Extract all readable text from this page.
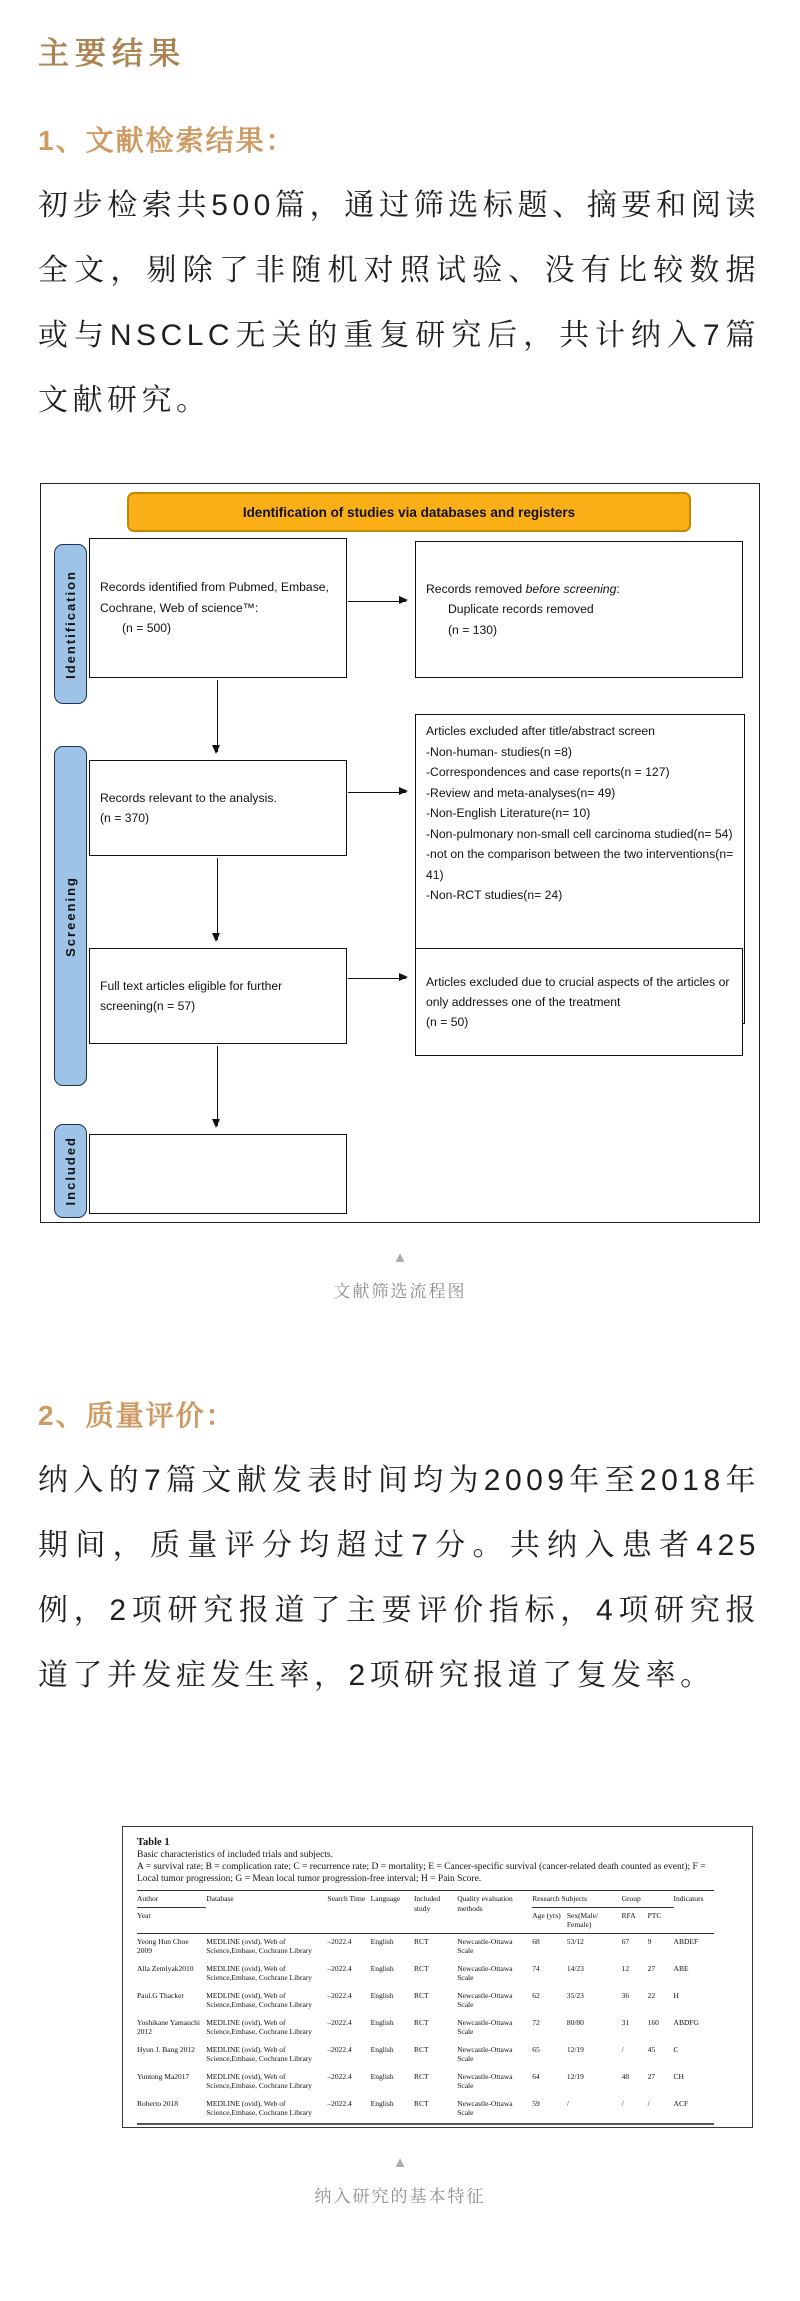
主要结果
1、文献检索结果：

初步检索共500篇，通过筛选标题、摘要和阅读全文，剔除了非随机对照试验、没有比较数据或与NSCLC无关的重复研究后，共计纳入7篇文献研究。

Identification of studies via databases and registers
Identification
Screening
Included
Records identified from Pubmed, Embase, Cochrane, Web of science™:
(n = 500)
Records removed before screening:
Duplicate records removed
(n = 130)
Records relevant to the analysis.
(n = 370)
Articles excluded after title/abstract screen
-Non-human- studies(n =8)
-Correspondences and case reports(n = 127)
-Review and meta-analyses(n= 49)
-Non-English Literature(n= 10)
-Non-pulmonary non-small cell carcinoma studied(n= 54)
-not on the comparison between the two interventions(n= 41)
-Non-RCT studies(n= 24)
Full text articles eligible for further screening(n = 57)
Articles excluded due to crucial aspects of the articles or only addresses one of the treatment
(n = 50)
▲
文献筛选流程图
2、质量评价：

纳入的7篇文献发表时间均为2009年至2018年期间，质量评分均超过7分。共纳入患者425例，2项研究报道了主要评价指标，4项研究报道了并发症发生率，2项研究报道了复发率。

Table 1
Basic characteristics of included trials and subjects.
A = survival rate; B = complication rate; C = recurrence rate; D = mortality; E = Cancer-specific survival (cancer-related death counted as event); F = Local tumor progression; G = Mean local tumor progression-free interval; H = Pain Score.
Author	Database	Search Time	Language	Included study	Quality evaluation methods	Research Subjects		Group		Indicators
Year						Age (yrs)	Sex(Male/ Female)	RFA	PTC	
Yeong Hun Choe 2009	MEDLINE (ovid), Web of Science,Embase, Cochrane Library	–2022.4	English	RCT	Newcastle-Ottawa Scale	68	53/12	67	9	ABDEF
Alla Zemlyak2010	MEDLINE (ovid), Web of Science,Embase, Cochrane Library	–2022.4	English	RCT	Newcastle-Ottawa Scale	74	14/23	12	27	ABE
Paul.G Thacker	MEDLINE (ovid), Web of Science,Embase, Cochrane Library	–2022.4	English	RCT	Newcastle-Ottawa Scale	62	35/23	36	22	H
Yoshikane Yamauchi 2012	MEDLINE (ovid), Web of Science,Embase, Cochrane Library	–2022.4	English	RCT	Newcastle-Ottawa Scale	72	80/80	31	160	ABDFG
Hyun J. Bang 2012	MEDLINE (ovid), Web of Science,Embase, Cochrane Library	–2022.4	English	RCT	Newcastle-Ottawa Scale	65	12/19	/	45	C
Yuntong Ma2017	MEDLINE (ovid), Web of Science,Embase, Cochrane Library	–2022.4	English	RCT	Newcastle-Ottawa Scale	64	12/19	48	27	CH
Roberto 2018	MEDLINE (ovid), Web of Science,Embase, Cochrane Library	–2022.4	English	RCT	Newcastle-Ottawa Scale	59	/	/	/	ACF
▲
纳入研究的基本特征
